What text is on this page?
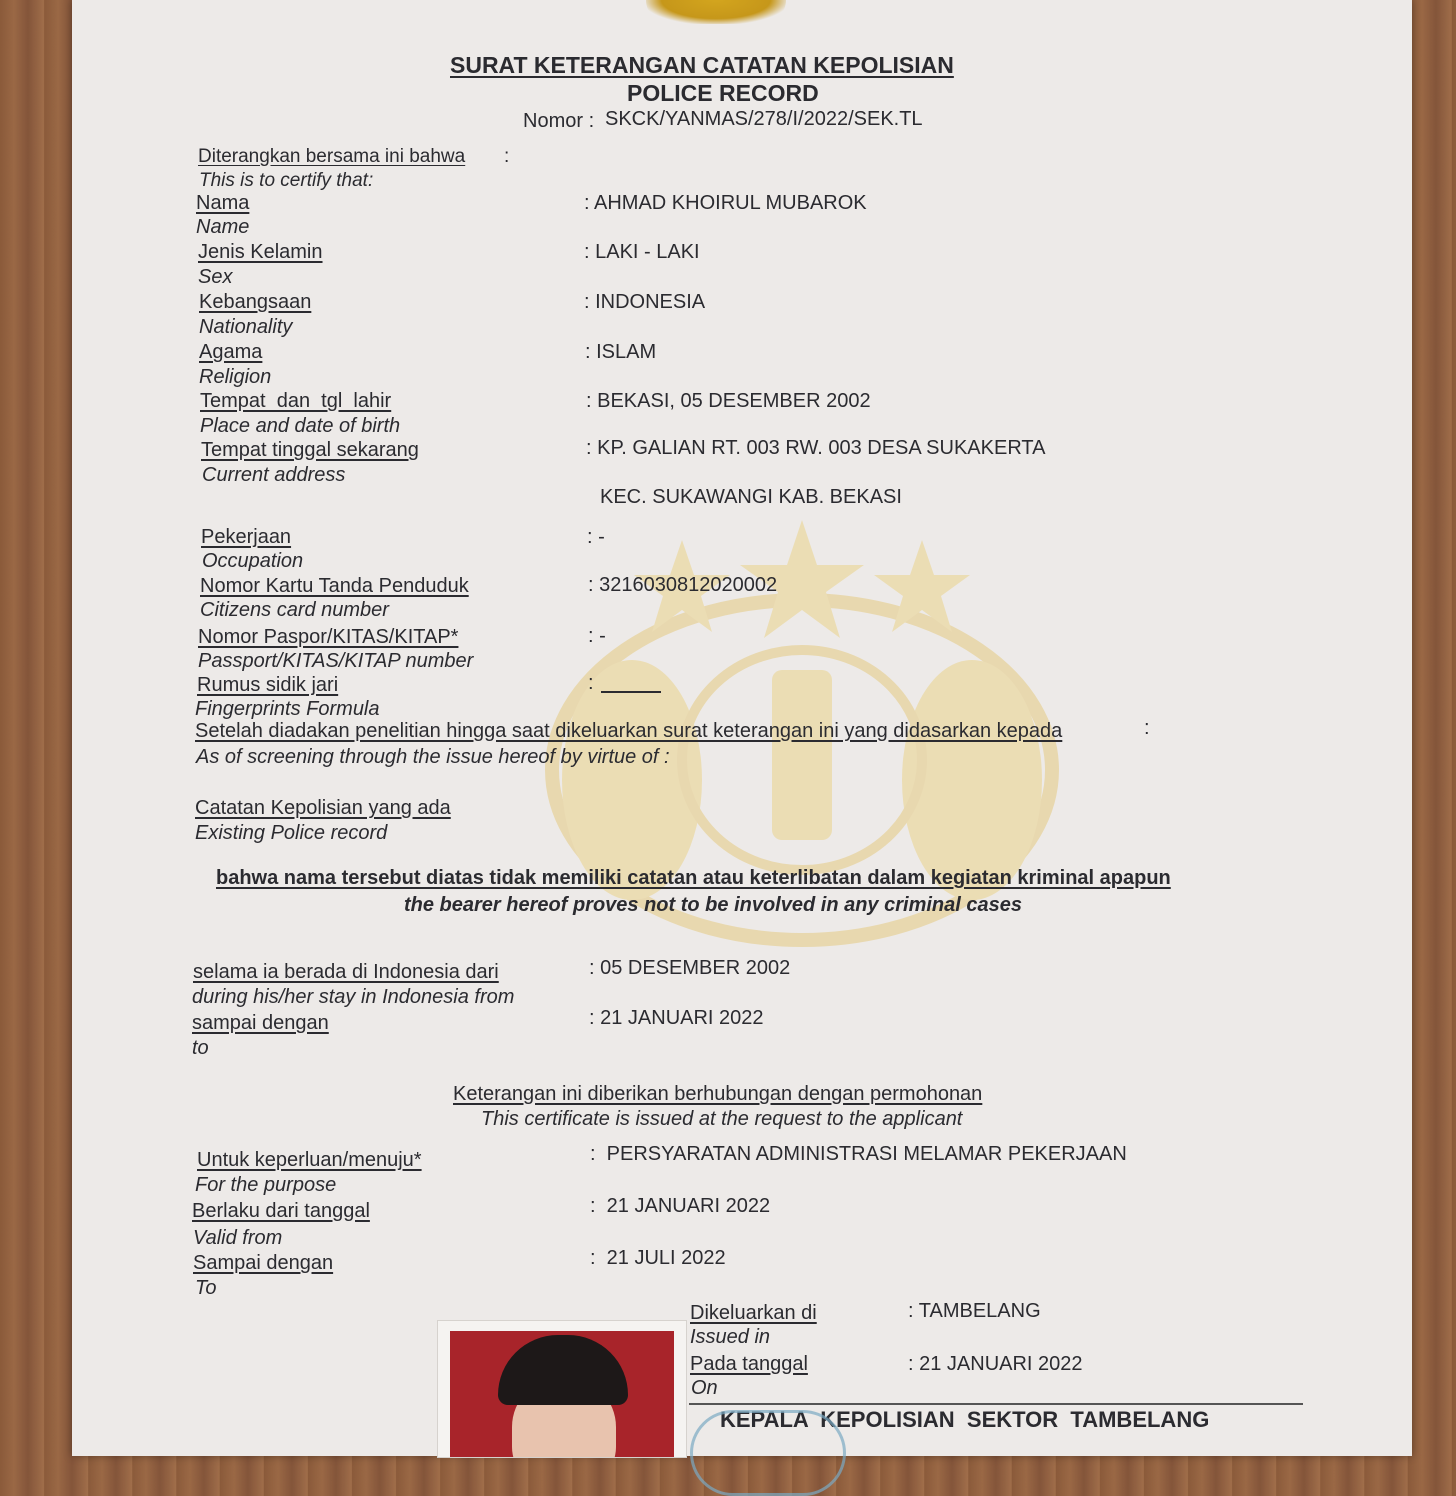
SURAT KETERANGAN CATATAN KEPOLISIAN
POLICE RECORD
Nomor : SKCK/YANMAS/278/I/2022/SEK.TL
Diterangkan bersama ini bahwa :
This is to certify that:
Nama
Name
: AHMAD KHOIRUL MUBAROK
Jenis Kelamin
Sex
: LAKI - LAKI
Kebangsaan
Nationality
: INDONESIA
Agama
Religion
: ISLAM
Tempat  dan  tgl  lahir
Place and date of birth
: BEKASI, 05 DESEMBER 2002
Tempat tinggal sekarang
Current address
: KP. GALIAN RT. 003 RW. 003 DESA SUKAKERTA
KEC. SUKAWANGI KAB. BEKASI
Pekerjaan
Occupation
: -
Nomor Kartu Tanda Penduduk
Citizens card number
: 3216030812020002
Nomor Paspor/KITAS/KITAP*
Passport/KITAS/KITAP number
: -
Rumus sidik jari
Fingerprints Formula
:
Setelah diadakan penelitian hingga saat dikeluarkan surat keterangan ini yang didasarkan kepada	:
As of screening through the issue hereof by virtue of :
Catatan Kepolisian yang ada
Existing Police record
bahwa nama tersebut diatas tidak memiliki catatan atau keterlibatan dalam kegiatan kriminal apapun
the bearer hereof proves not to be involved in any criminal cases
selama ia berada di Indonesia dari
during his/her stay in Indonesia from
: 05 DESEMBER 2002
sampai dengan
to
: 21 JANUARI 2022
Keterangan ini diberikan berhubungan dengan permohonan
This certificate is issued at the request to the applicant
Untuk keperluan/menuju*
For the purpose
:  PERSYARATAN ADMINISTRASI MELAMAR PEKERJAAN
Berlaku dari tanggal
Valid from
:  21 JANUARI 2022
Sampai dengan
To
:  21 JULI 2022
Dikeluarkan di
Issued in
: TAMBELANG
Pada tanggal
On
: 21 JANUARI 2022
KEPALA  KEPOLISIAN  SEKTOR  TAMBELANG
